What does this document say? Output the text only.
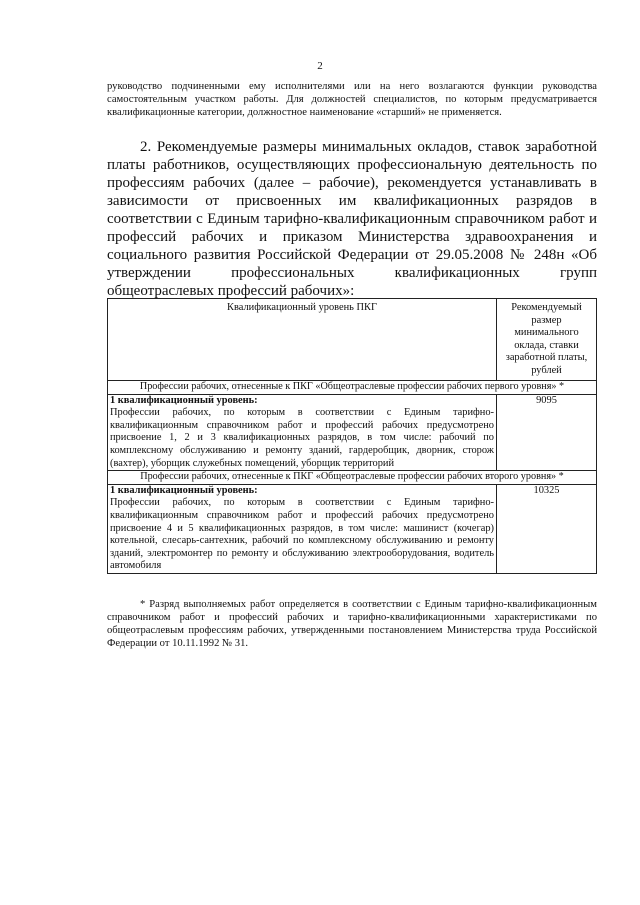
2
руководство подчиненными ему исполнителями или на него возлагаются функции руководства самостоятельным участком работы. Для должностей специалистов, по которым предусматривается квалификационные категории, должностное наименование «старший» не применяется.
2. Рекомендуемые размеры минимальных окладов, ставок заработной платы работников, осуществляющих профессиональную деятельность по профессиям рабочих (далее – рабочие), рекомендуется устанавливать в зависимости от присвоенных им квалификационных разрядов в соответствии с Единым тарифно-квалификационным справочником работ и профессий рабочих и приказом Министерства здравоохранения и социального развития Российской Федерации от 29.05.2008 № 248н «Об утверждении профессиональных квалификационных групп общеотраслевых профессий рабочих»:
Квалификационный уровень ПКГ	Рекомендуемый размер минимального оклада, ставки заработной платы, рублей
Профессии рабочих, отнесенные к ПКГ «Общеотраслевые профессии рабочих первого уровня» *	

1 квалификационный уровень:
Профессии рабочих, по которым в соответствии с Единым тарифно-квалификационным справочником работ и профессий рабочих предусмотрено присвоение 1, 2 и 3 квалификационных разрядов, в том числе: рабочий по комплексному обслуживанию и ремонту зданий, гардеробщик, дворник, сторож (вахтер), уборщик служебных помещений, уборщик территорий	9095
Профессии рабочих, отнесенные к ПКГ «Общеотраслевые профессии рабочих второго уровня» *	

1 квалификационный уровень:
Профессии рабочих, по которым в соответствии с Единым тарифно-квалификационным справочником работ и профессий рабочих предусмотрено присвоение 4 и 5 квалификационных разрядов, в том числе: машинист (кочегар) котельной, слесарь-сантехник, рабочий по комплексному обслуживанию и ремонту зданий, электромонтер по ремонту и обслуживанию электрооборудования, водитель автомобиля	10325
* Разряд выполняемых работ определяется в соответствии с Единым тарифно-квалификационным справочником работ и профессий рабочих и тарифно-квалификационными характеристиками по общеотраслевым профессиям рабочих, утвержденными постановлением Министерства труда Российской Федерации от 10.11.1992 № 31.
